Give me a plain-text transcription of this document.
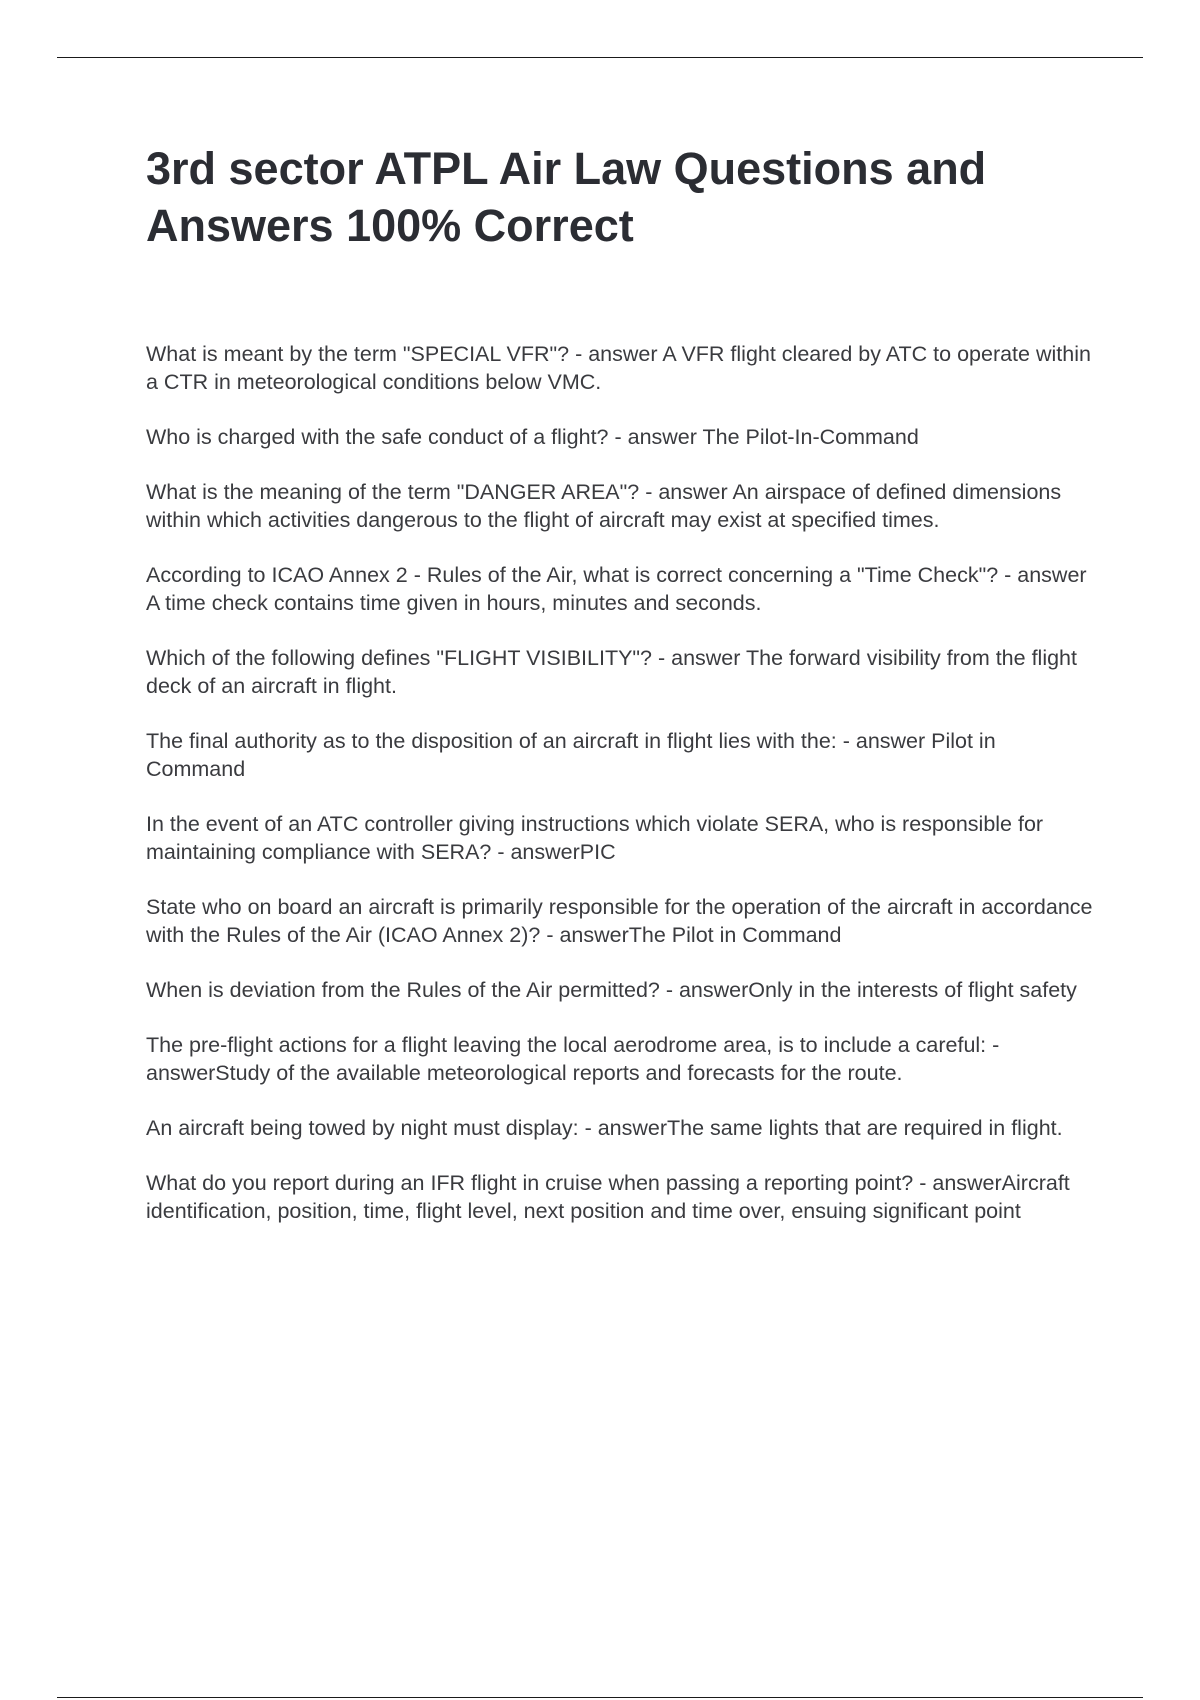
3rd sector ATPL Air Law Questions and Answers 100% Correct

What is meant by the term "SPECIAL VFR"? - answer A VFR flight cleared by ATC to operate within a CTR in meteorological conditions below VMC.

Who is charged with the safe conduct of a flight? - answer The Pilot-In-Command

What is the meaning of the term "DANGER AREA"? - answer An airspace of defined dimensions within which activities dangerous to the flight of aircraft may exist at specified times.

According to ICAO Annex 2 - Rules of the Air, what is correct concerning a "Time Check"? - answer A time check contains time given in hours, minutes and seconds.

Which of the following defines "FLIGHT VISIBILITY"? - answer The forward visibility from the flight deck of an aircraft in flight.

The final authority as to the disposition of an aircraft in flight lies with the: - answer Pilot in Command

In the event of an ATC controller giving instructions which violate SERA, who is responsible for maintaining compliance with SERA? - answerPIC

State who on board an aircraft is primarily responsible for the operation of the aircraft in accordance with the Rules of the Air (ICAO Annex 2)? - answerThe Pilot in Command

When is deviation from the Rules of the Air permitted? - answerOnly in the interests of flight safety

The pre-flight actions for a flight leaving the local aerodrome area, is to include a careful: - answerStudy of the available meteorological reports and forecasts for the route.

An aircraft being towed by night must display: - answerThe same lights that are required in flight.

What do you report during an IFR flight in cruise when passing a reporting point? - answerAircraft identification, position, time, flight level, next position and time over, ensuing significant point
